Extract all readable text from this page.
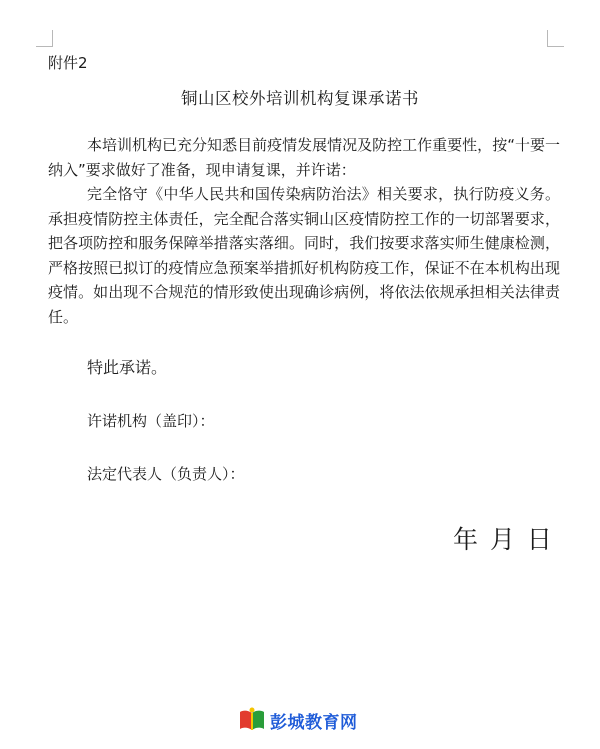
附件2
铜山区校外培训机构复课承诺书
本培训机构已充分知悉目前疫情发展情况及防控工作重要性，按“十要一纳入”要求做好了准备，现申请复课，并许诺：
完全恪守《中华人民共和国传染病防治法》相关要求，执行防疫义务。承担疫情防控主体责任，完全配合落实铜山区疫情防控工作的一切部署要求，把各项防控和服务保障举措落实落细。同时，我们按要求落实师生健康检测，严格按照已拟订的疫情应急预案举措抓好机构防疫工作，保证不在本机构出现疫情。如出现不合规范的情形致使出现确诊病例，将依法依规承担相关法律责任。
特此承诺。
许诺机构（盖印）：
法定代表人（负责人）：
年 月 日
彭城教育网
